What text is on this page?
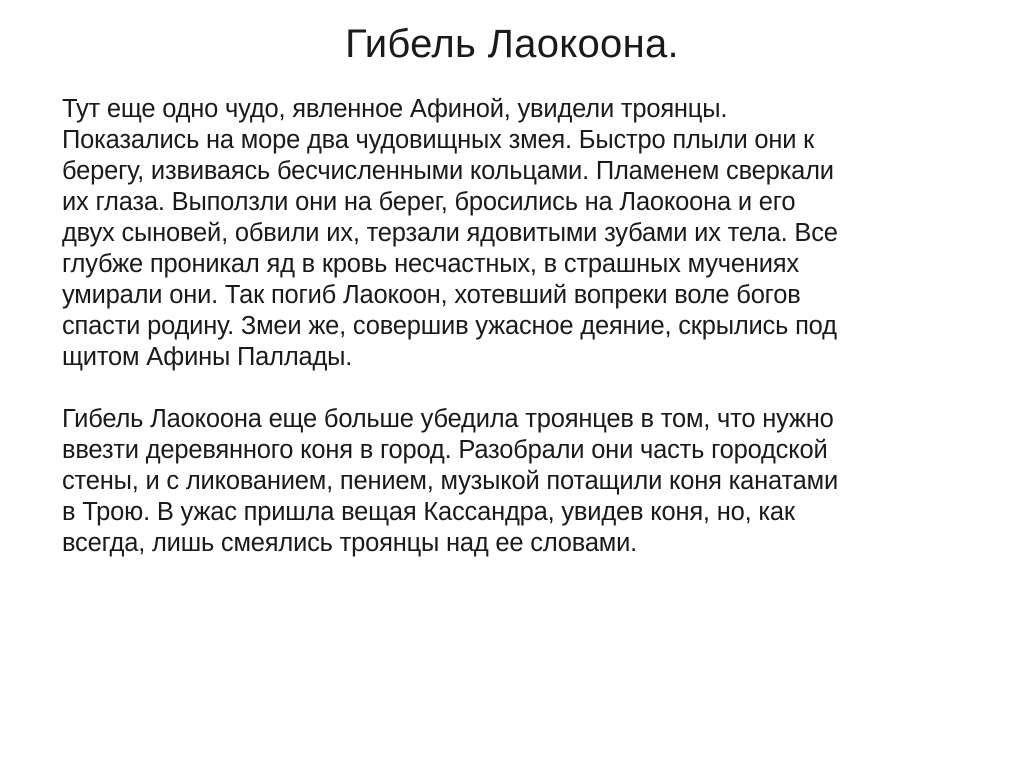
Гибель Лаокоона.

Тут еще одно чудо, явленное Афиной, увидели троянцы.
Показались на море два чудовищных змея. Быстро плыли они к
берегу, извиваясь бесчисленными кольцами. Пламенем сверкали
их глаза. Выползли они на берег, бросились на Лаокоона и его
двух сыновей, обвили их, терзали ядовитыми зубами их тела. Все
глубже проникал яд в кровь несчастных, в страшных мучениях
умирали они. Так погиб Лаокоон, хотевший вопреки воле богов
спасти родину. Змеи же, совершив ужасное деяние, скрылись под
щитом Афины Паллады.

Гибель Лаокоона еще больше убедила троянцев в том, что нужно
ввезти деревянного коня в город. Разобрали они часть городской
стены, и с ликованием, пением, музыкой потащили коня канатами
в Трою. В ужас пришла вещая Кассандра, увидев коня, но, как
всегда, лишь смеялись троянцы над ее словами.
